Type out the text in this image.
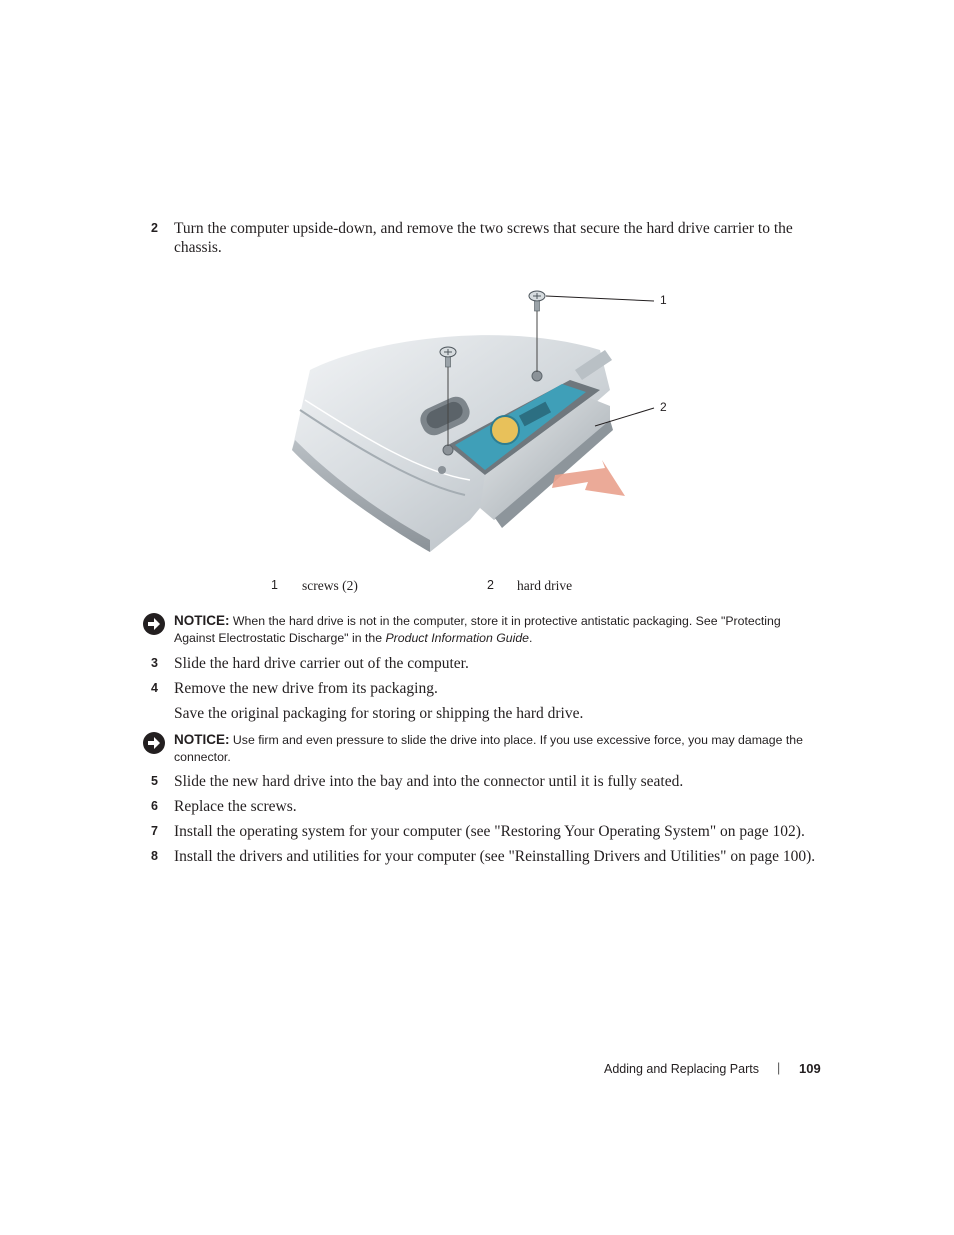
2	Turn the computer upside-down, and remove the two screws that secure the hard drive carrier to the chassis.
1
2
1 screws (2)	2 hard drive
NOTICE: When the hard drive is not in the computer, store it in protective antistatic packaging. See "Protecting Against Electrostatic Discharge" in the Product Information Guide.
3	Slide the hard drive carrier out of the computer.
4	Remove the new drive from its packaging.
Save the original packaging for storing or shipping the hard drive.
NOTICE: Use firm and even pressure to slide the drive into place. If you use excessive force, you may damage the connector.
5	Slide the new hard drive into the bay and into the connector until it is fully seated.
6	Replace the screws.
7	Install the operating system for your computer (see "Restoring Your Operating System" on page 102).
8	Install the drivers and utilities for your computer (see "Reinstalling Drivers and Utilities" on page 100).
Adding and Replacing Parts | 109
